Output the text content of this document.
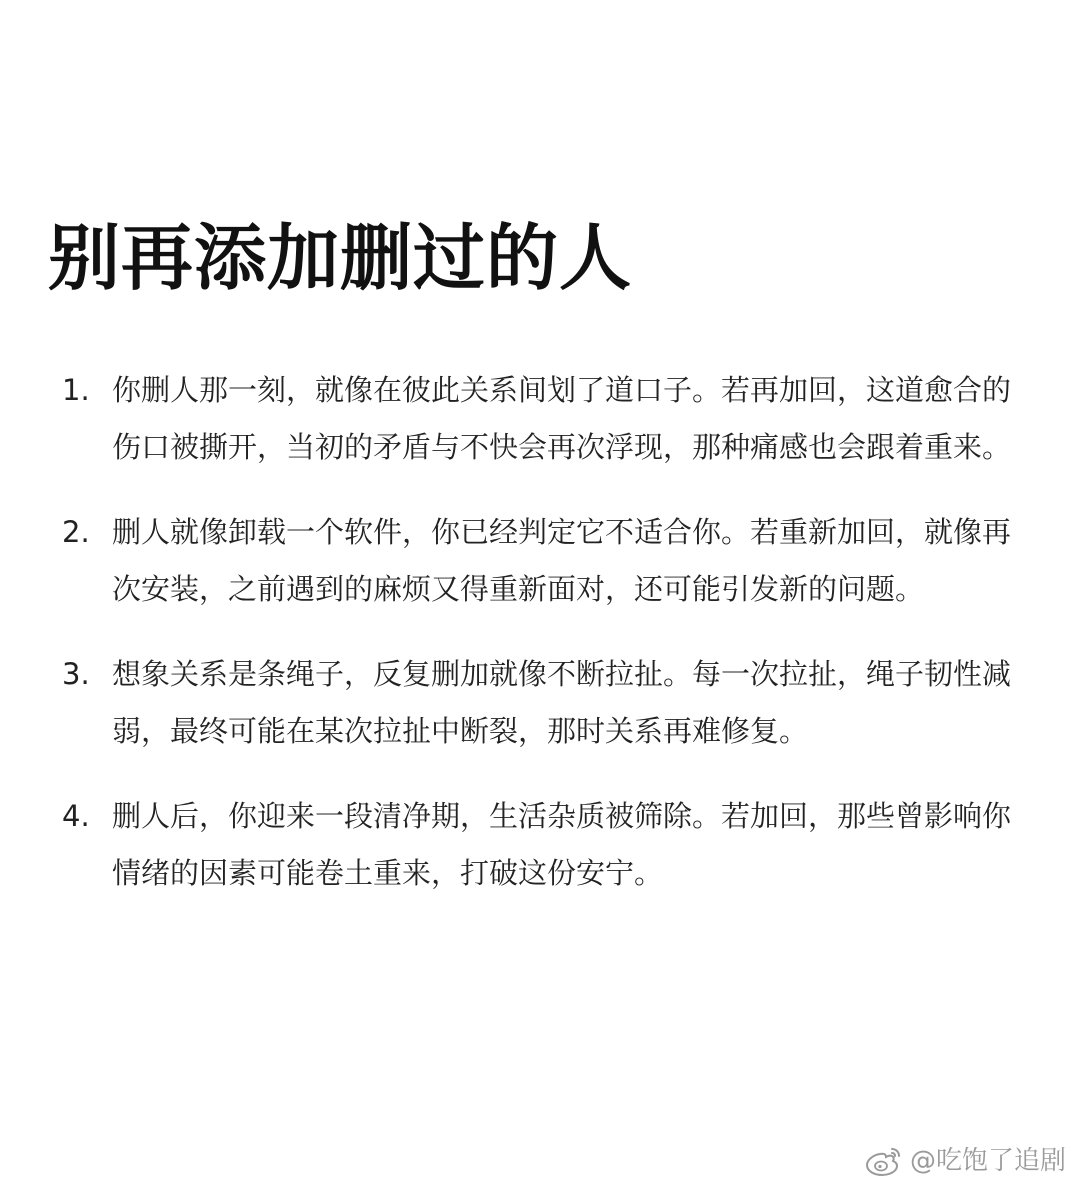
别再添加删过的人
1. 你删人那一刻，就像在彼此关系间划了道口子。若再加回，这道愈合的伤口被撕开，当初的矛盾与不快会再次浮现，那种痛感也会跟着重来。
2. 删人就像卸载一个软件，你已经判定它不适合你。若重新加回，就像再次安装，之前遇到的麻烦又得重新面对，还可能引发新的问题。
3. 想象关系是条绳子，反复删加就像不断拉扯。每一次拉扯，绳子韧性减弱，最终可能在某次拉扯中断裂，那时关系再难修复。
4. 删人后，你迎来一段清净期，生活杂质被筛除。若加回，那些曾影响你情绪的因素可能卷土重来，打破这份安宁。
@吃饱了追剧
